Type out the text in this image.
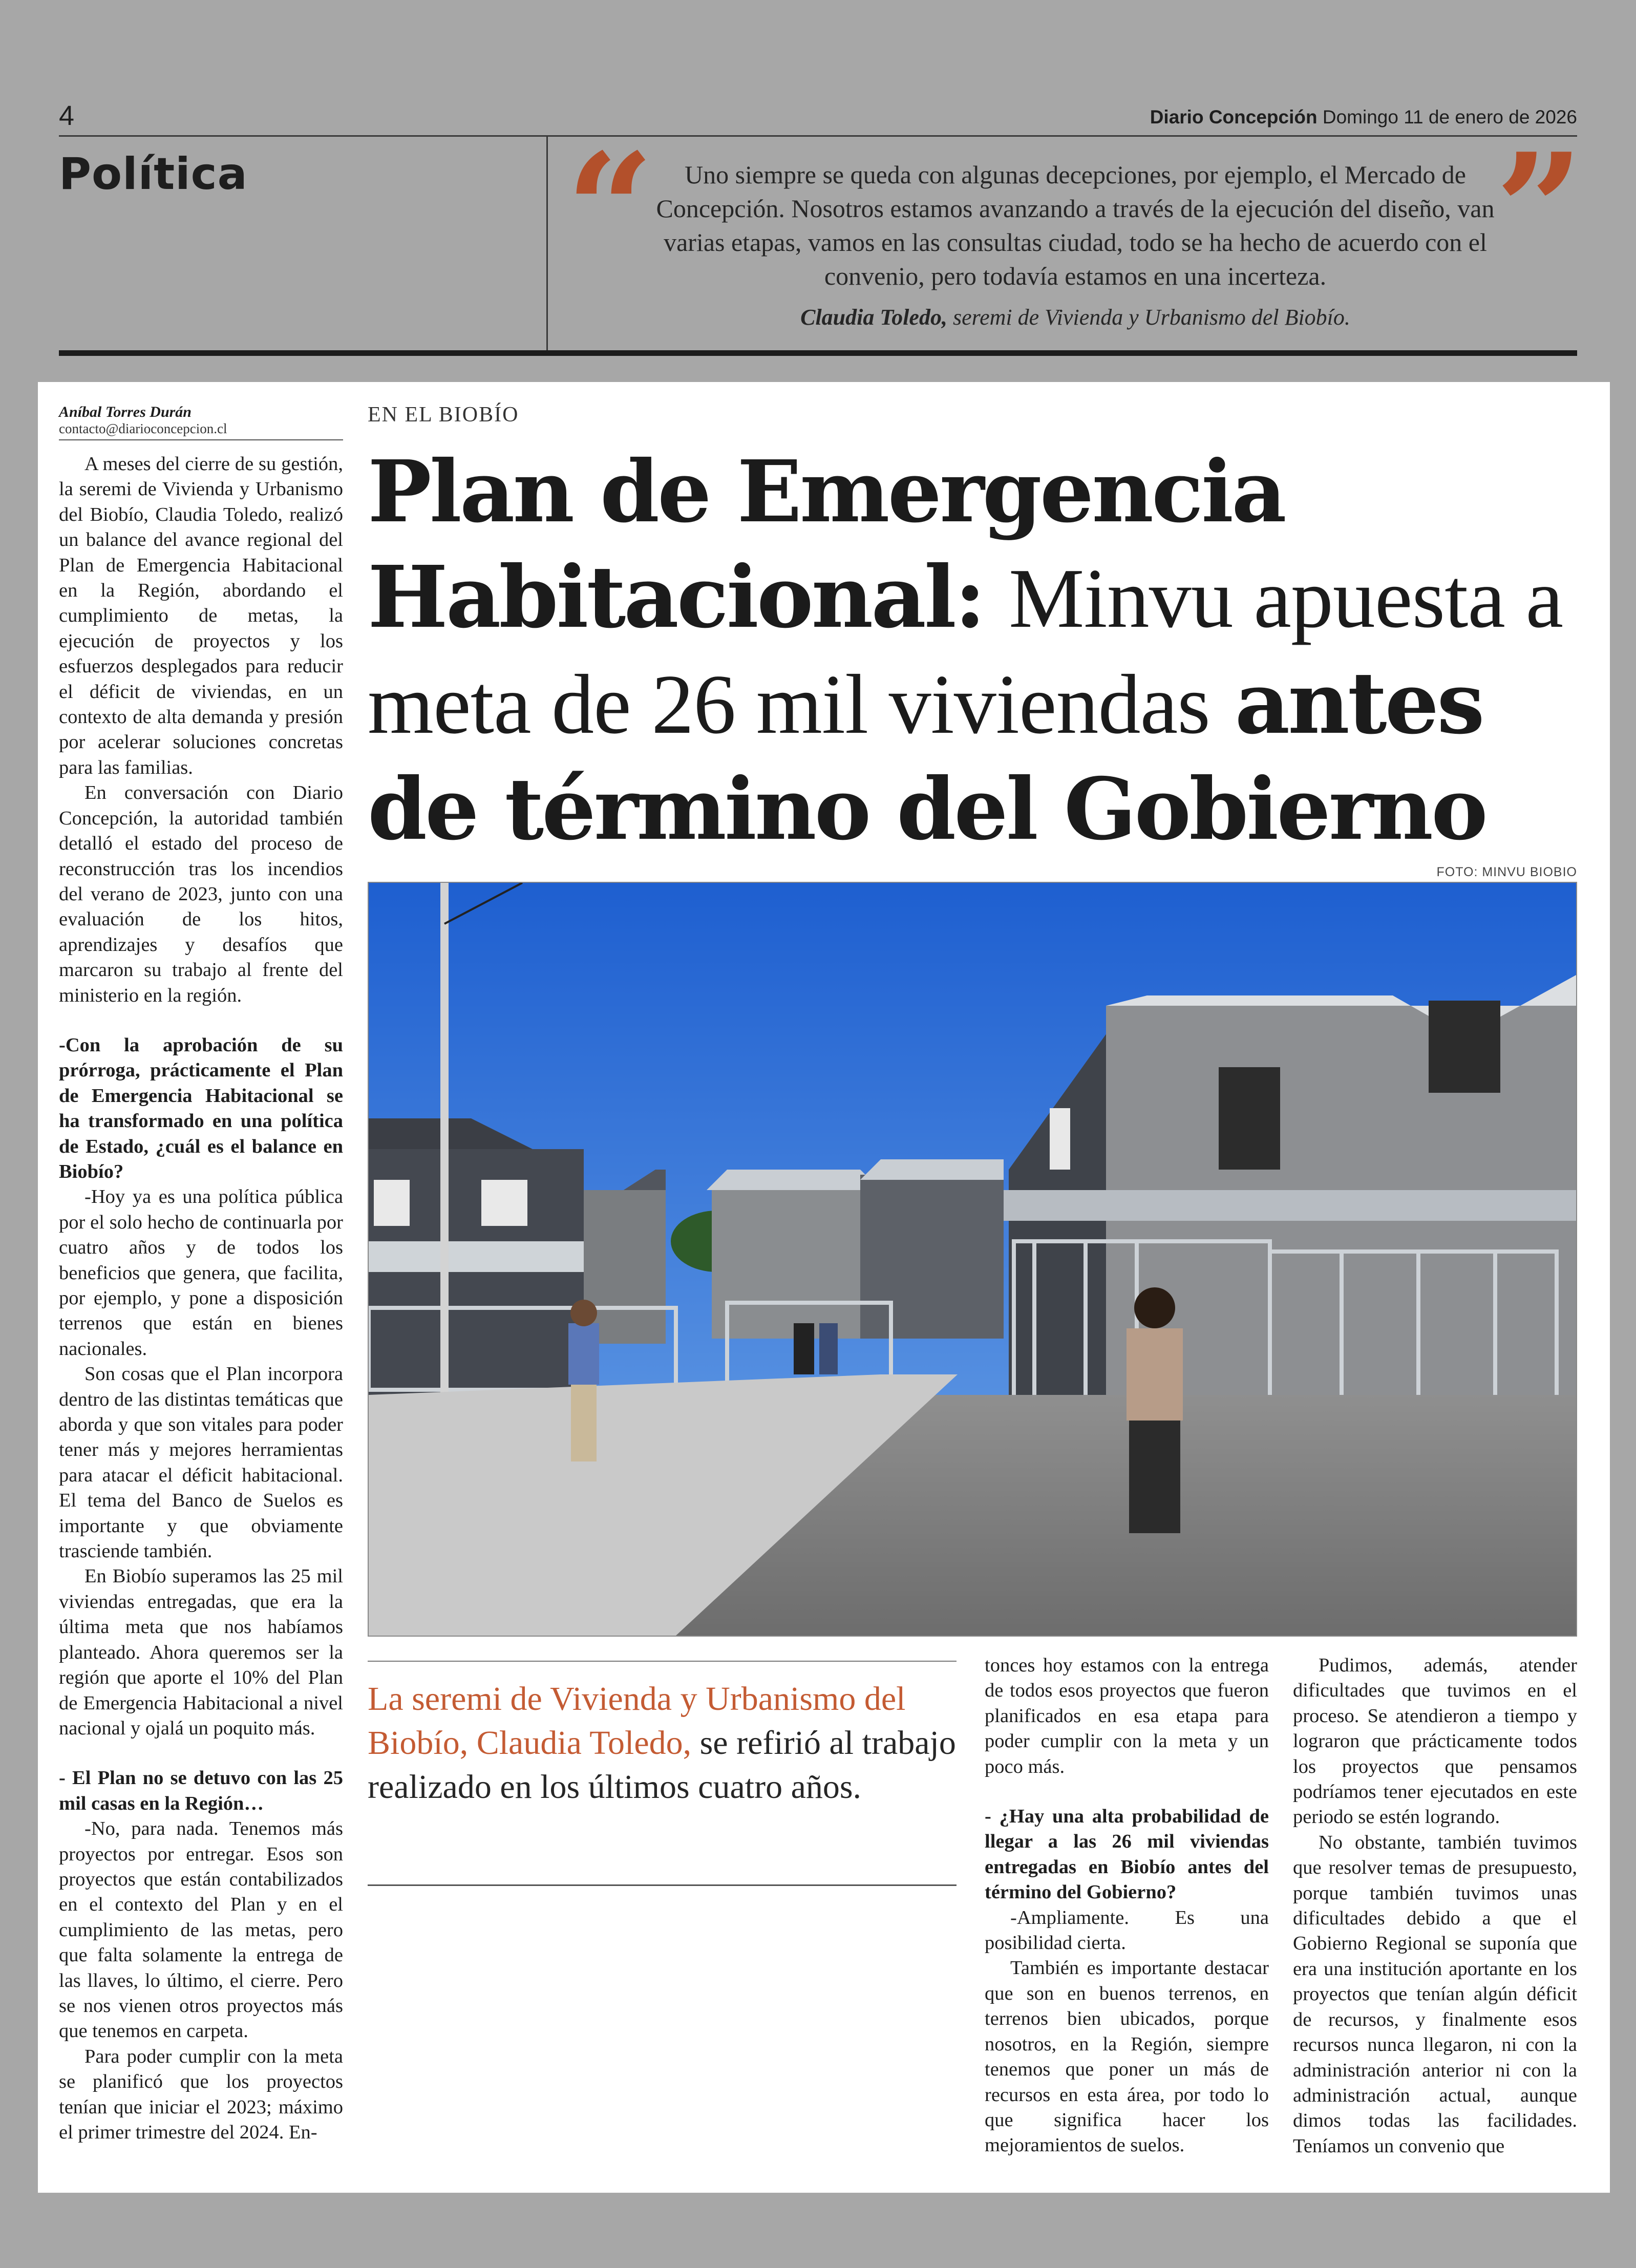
4	Diario Concepción Domingo 11 de enero de 2026
Política “	Uno siempre se queda con algunas decepciones, por ejemplo, el Mercado de Concepción. Nosotros estamos avanzando a través de la ejecución del diseño, van varias etapas, vamos en las consultas ciudad, todo se ha hecho de acuerdo con el convenio, pero todavía estamos en una incerteza.	”
Claudia Toledo, seremi de Vivienda y Urbanismo del Biobío.
Aníbal Torres Durán
contacto@diarioconcepcion.cl

A meses del cierre de su gestión, la seremi de Vivienda y Urbanismo del Biobío, Claudia Toledo, realizó un balance del avance regional del Plan de Emergencia Habitacional en la Región, abordando el cumplimiento de metas, la ejecución de proyectos y los esfuerzos desplegados para reducir el déficit de viviendas, en un contexto de alta demanda y presión por acelerar soluciones concretas para las familias.

En conversación con Diario Concepción, la autoridad también detalló el estado del proceso de reconstrucción tras los incendios del verano de 2023, junto con una evaluación de los hitos, aprendizajes y desafíos que marcaron su trabajo al frente del ministerio en la región.

-Con la aprobación de su prórroga, prácticamente el Plan de Emergencia Habitacional se ha transformado en una política de Estado, ¿cuál es el balance en Biobío?

-Hoy ya es una política pública por el solo hecho de continuarla por cuatro años y de todos los beneficios que genera, que facilita, por ejemplo, y pone a disposición terrenos que están en bienes nacionales.

Son cosas que el Plan incorpora dentro de las distintas temáticas que aborda y que son vitales para poder tener más y mejores herramientas para atacar el déficit habitacional. El tema del Banco de Suelos es importante y que obviamente trasciende también.

En Biobío superamos las 25 mil viviendas entregadas, que era la última meta que nos habíamos planteado. Ahora queremos ser la región que aporte el 10% del Plan de Emergencia Habitacional a nivel nacional y ojalá un poquito más.

- El Plan no se detuvo con las 25 mil casas en la Región…

-No, para nada. Tenemos más proyectos por entregar. Esos son proyectos que están contabilizados en el contexto del Plan y en el cumplimiento de las metas, pero que falta solamente la entrega de las llaves, lo último, el cierre. Pero se nos vienen otros proyectos más que tenemos en carpeta.

Para poder cumplir con la meta se planificó que los proyectos tenían que iniciar el 2023; máximo el primer trimestre del 2024. En-

EN EL BIOBÍO
Plan de Emergencia Habitacional: Minvu apuesta a meta de 26 mil viviendas antes de término del Gobierno
FOTO: MINVU BIOBIO
La seremi de Vivienda y Urbanismo del Biobío, Claudia Toledo, se refirió al trabajo realizado en los últimos cuatro años.

tonces hoy estamos con la entrega de todos esos proyectos que fueron planificados en esa etapa para poder cumplir con la meta y un poco más.

- ¿Hay una alta probabilidad de llegar a las 26 mil viviendas entregadas en Biobío antes del término del Gobierno?

-Ampliamente. Es una posibilidad cierta.

También es importante destacar que son en buenos terrenos, en terrenos bien ubicados, porque nosotros, en la Región, siempre tenemos que poner un más de recursos en esta área, por todo lo que significa hacer los mejoramientos de suelos.

Pudimos, además, atender dificultades que tuvimos en el proceso. Se atendieron a tiempo y lograron que prácticamente todos los proyectos que pensamos podríamos tener ejecutados en este periodo se estén logrando.

No obstante, también tuvimos que resolver temas de presupuesto, porque también tuvimos unas dificultades debido a que el Gobierno Regional se suponía que era una institución aportante en los proyectos que tenían algún déficit de recursos, y finalmente esos recursos nunca llegaron, ni con la administración anterior ni con la administración actual, aunque dimos todas las facilidades. Teníamos un convenio que
